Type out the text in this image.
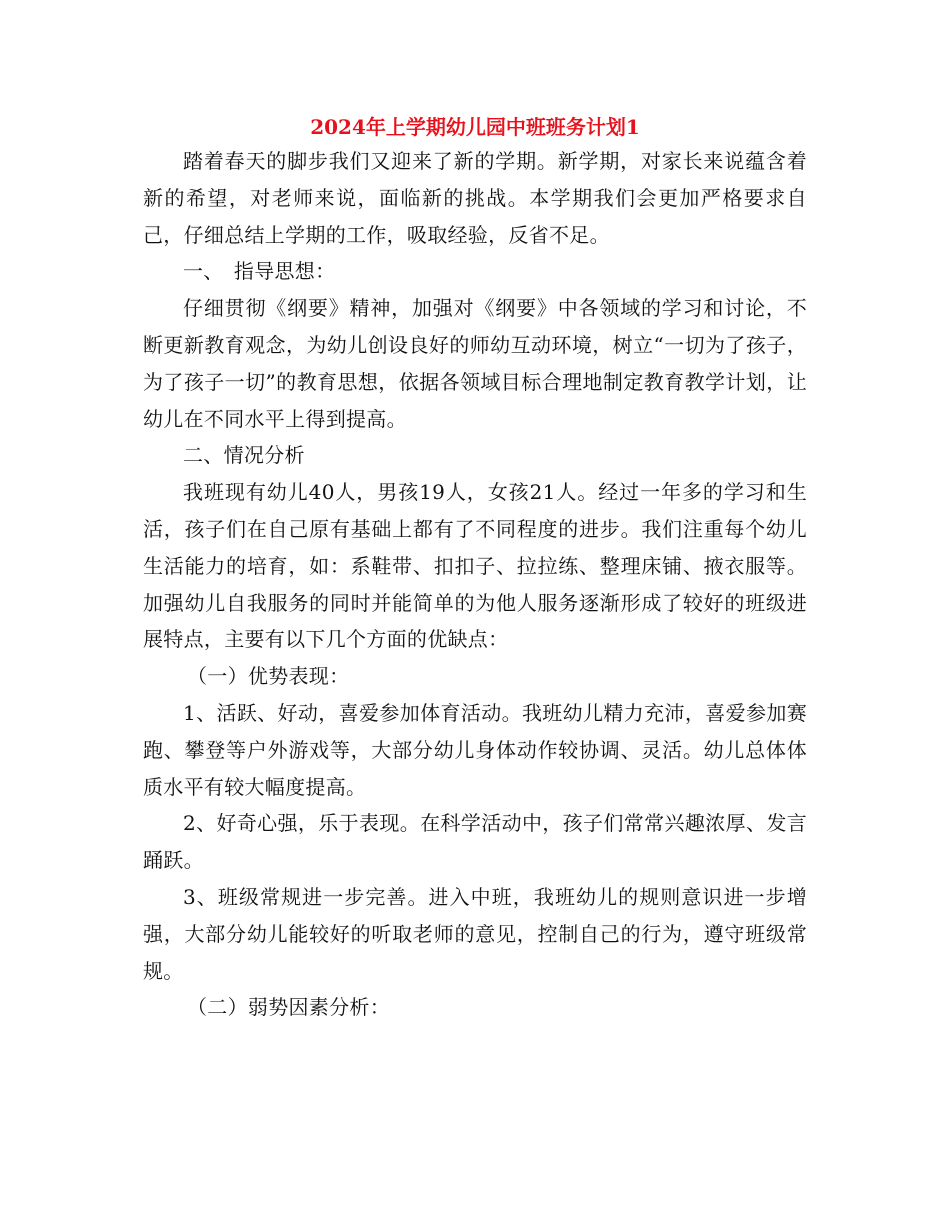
2024年上学期幼儿园中班班务计划1

踏着春天的脚步我们又迎来了新的学期。新学期，对家长来说蕴含着新的希望，对老师来说，面临新的挑战。本学期我们会更加严格要求自己，仔细总结上学期的工作，吸取经验，反省不足。

一、　指导思想：

仔细贯彻《纲要》精神，加强对《纲要》中各领域的学习和讨论，不断更新教育观念，为幼儿创设良好的师幼互动环境，树立“一切为了孩子，为了孩子一切”的教育思想，依据各领域目标合理地制定教育教学计划，让幼儿在不同水平上得到提高。

二、情况分析

我班现有幼儿40人，男孩19人，女孩21人。经过一年多的学习和生活，孩子们在自己原有基础上都有了不同程度的进步。我们注重每个幼儿生活能力的培育，如：系鞋带、扣扣子、拉拉练、整理床铺、掖衣服等。加强幼儿自我服务的同时并能简单的为他人服务逐渐形成了较好的班级进展特点，主要有以下几个方面的优缺点：

（一）优势表现：

1、活跃、好动，喜爱参加体育活动。我班幼儿精力充沛，喜爱参加赛跑、攀登等户外游戏等，大部分幼儿身体动作较协调、灵活。幼儿总体体质水平有较大幅度提高。

2、好奇心强，乐于表现。在科学活动中，孩子们常常兴趣浓厚、发言踊跃。

3、班级常规进一步完善。进入中班，我班幼儿的规则意识进一步增强，大部分幼儿能较好的听取老师的意见，控制自己的行为，遵守班级常规。

（二）弱势因素分析：
